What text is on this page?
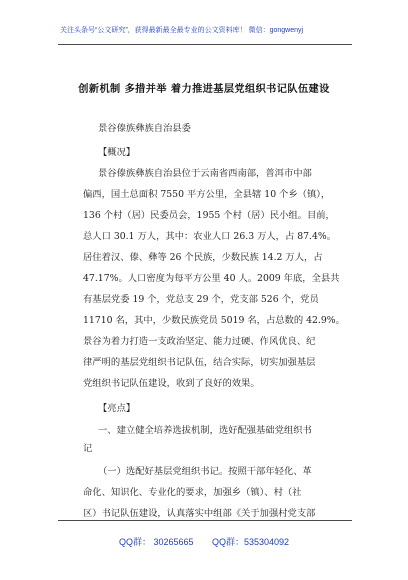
关注头条号“公文研究”，获得最新最全最专业的公文资料库！ 微信：gongwenyj
创新机制 多措并举 着力推进基层党组织书记队伍建设
景谷傣族彝族自治县委
【概况】
景谷傣族彝族自治县位于云南省西南部，普洱市中部
偏西，国土总面积 7550 平方公里，全县辖 10 个乡（镇），
136 个村（居）民委员会，1955 个村（居）民小组。目前，
总人口 30.1 万人，其中：农业人口 26.3 万人，占 87.4%。
居住着汉、傣、彝等 26 个民族，少数民族 14.2 万人，占
47.17%。人口密度为每平方公里 40 人。2009 年底，全县共
有基层党委 19 个，党总支 29 个，党支部 526 个，党员
11710 名，其中，少数民族党员 5019 名，占总数的 42.9%。
景谷为着力打造一支政治坚定、能力过硬、作风优良、纪
律严明的基层党组织书记队伍，结合实际，切实加强基层
党组织书记队伍建设，收到了良好的效果。
【亮点】
一、建立健全培养选拔机制，选好配强基础党组织书
记
（一）选配好基层党组织书记。按照干部年轻化、革
命化、知识化、专业化的要求，加强乡（镇）、村（社
区）书记队伍建设，认真落实中组部《关于加强村党支部
QQ群： 30265665 QQ群：535304092
